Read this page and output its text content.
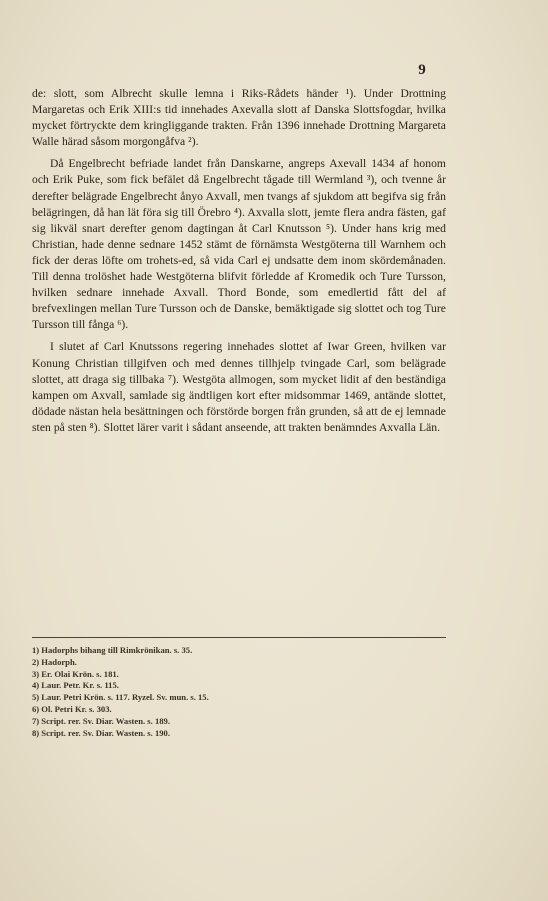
9

de: slott, som Albrecht skulle lemna i Riks-Rådets händer ¹). Under Drottning Margaretas och Erik XIII:s tid innehades Axevalla slott af Danska Slottsfogdar, hvilka mycket förtryckte dem kringliggande trakten. Från 1396 innehade Drottning Margareta Walle härad såsom morgongåfva ²).

Då Engelbrecht befriade landet från Danskarne, angreps Axevall 1434 af honom och Erik Puke, som fick befälet då Engelbrecht tågade till Wermland ³), och tvenne år derefter belägrade Engelbrecht ånyo Axvall, men tvangs af sjukdom att begifva sig från belägringen, då han lät föra sig till Örebro ⁴). Axvalla slott, jemte flera andra fästen, gaf sig likväl snart derefter genom dagtingan åt Carl Knutsson ⁵). Under hans krig med Christian, hade denne sednare 1452 stämt de förnämsta Westgöterna till Warnhem och fick der deras löfte om trohets-ed, så vida Carl ej undsatte dem inom skördemånaden. Till denna trolöshet hade Westgöterna blifvit förledde af Kromedik och Ture Tursson, hvilken sednare innehade Axvall. Thord Bonde, som emedlertid fått del af brefvexlingen mellan Ture Tursson och de Danske, bemäktigade sig slottet och tog Ture Tursson till fånga ⁶).

I slutet af Carl Knutssons regering innehades slottet af Iwar Green, hvilken var Konung Christian tillgifven och med dennes tillhjelp tvingade Carl, som belägrade slottet, att draga sig tillbaka ⁷). Westgöta allmogen, som mycket lidit af den beständiga kampen om Axvall, samlade sig ändtligen kort efter midsommar 1469, antände slottet, dödade nästan hela besättningen och förstörde borgen från grunden, så att de ej lemnade sten på sten ⁸). Slottet lärer varit i sådant anseende, att trakten benämndes Axvalla Län.

1) Hadorphs bihang till Rimkrönikan. s. 35.
2) Hadorph.
3) Er. Olai Krön. s. 181.
4) Laur. Petr. Kr. s. 115.
5) Laur. Petri Krön. s. 117. Ryzel. Sv. mun. s. 15.
6) Ol. Petri Kr. s. 303.
7) Script. rer. Sv. Diar. Wasten. s. 189.
8) Script. rer. Sv. Diar. Wasten. s. 190.
